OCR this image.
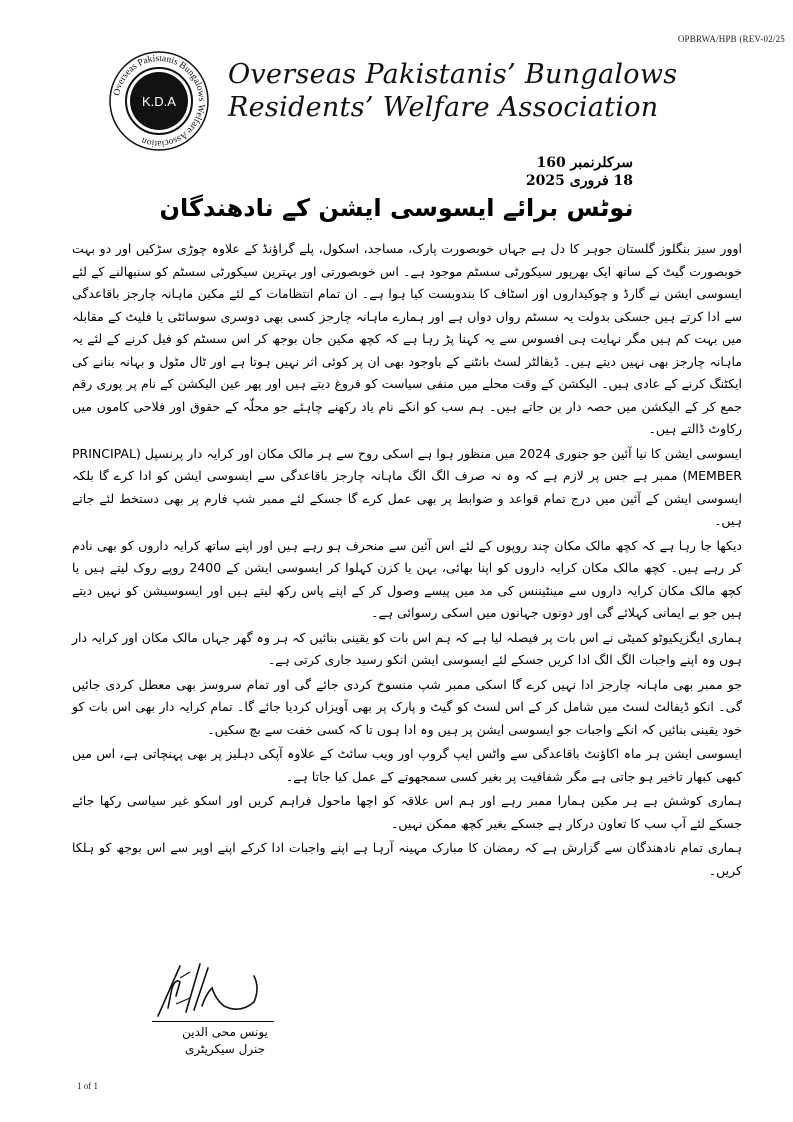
OPBRWA/HPB (REV-02/25
Overseas Pakistanis Bungalows Welfare Association
K.D.A
Overseas Pakistanis’ Bungalows
Residents’ Welfare Association
سرکلرنمبر 160
18 فروری 2025
نوٹس برائے ایسوسی ایشن کے نادھندگان

اوور سیز بنگلوز گلستان جوہر کا دل ہے جہاں خوبصورت پارک، مساجد، اسکول، پلے گراؤنڈ کے علاوہ چوڑی سڑکیں اور دو بہت خوبصورت گیٹ کے ساتھ ایک بھرپور سیکورٹی سسٹم موجود ہے۔ اس خوبصورتی اور بہترین سیکورٹی سسٹم کو سنبھالنے کے لئے ایسوسی ایشن نے گارڈ و چوکیداروں اور اسٹاف کا بندوبست کیا ہوا ہے۔ ان تمام انتظامات کے لئے مکین ماہانہ چارجز باقاعدگی سے ادا کرتے ہیں جسکی بدولت یہ سسٹم رواں دواں ہے اور ہمارے ماہانہ چارجز کسی بھی دوسری سوسائٹی یا فلیٹ کے مقابلہ میں بہت کم ہیں مگر نہایت ہی افسوس سے یہ کہنا پڑ رہا ہے کہ کچھ مکین جان بوجھ کر اس سسٹم کو فیل کرنے کے لئے یہ ماہانہ چارجز بھی نہیں دیتے ہیں۔ ڈیفالٹر لسٹ بانٹنے کے باوجود بھی ان پر کوئی اثر نہیں ہوتا ہے اور ٹال مٹول و بہانہ بنانے کی ایکٹنگ کرنے کے عادی ہیں۔ الیکشن کے وقت محلے میں منفی سیاست کو فروغ دیتے ہیں اور پھر عین الیکشن کے نام پر پوری رقم جمع کر کے الیکشن میں حصہ دار بن جاتے ہیں۔ ہم سب کو انکے نام یاد رکھنے چاہئے جو محلّہ کے حقوق اور فلاحی کاموں میں رکاوٹ ڈالتے ہیں۔

ایسوسی ایشن کا نیا آئین جو جنوری 2024 میں منظور ہوا ہے اسکی روح سے ہر مالک مکان اور کرایہ دار پرنسپل (PRINCIPAL MEMBER) ممبر ہے جس پر لازم ہے کہ وہ نہ صرف الگ الگ ماہانہ چارجز باقاعدگی سے ایسوسی ایشن کو ادا کرے گا بلکہ ایسوسی ایشن کے آئین میں درج تمام قواعد و ضوابط پر بھی عمل کرے گا جسکے لئے ممبر شپ فارم پر بھی دستخط لئے جاتے ہیں۔

دیکھا جا رہا ہے کہ کچھ مالک مکان چند روپوں کے لئے اس آئین سے منحرف ہو رہے ہیں اور اپنے ساتھ کرایہ داروں کو بھی نادم کر رہے ہیں۔ کچھ مالک مکان کرایہ داروں کو اپنا بھائی، بہن یا کزن کہلوا کر ایسوسی ایشن کے 2400 روپے روک لیتے ہیں یا کچھ مالک مکان کرایہ داروں سے مینٹیننس کی مد میں پیسے وصول کر کے اپنے پاس رکھ لیتے ہیں اور ایسوسیشن کو نہیں دیتے ہیں جو بے ایمانی کہلائے گی اور دونوں جہانوں میں اسکی رسوائی ہے۔

ہماری ایگزیکیوٹو کمیٹی نے اس بات پر فیصلہ لیا ہے کہ ہم اس بات کو یقینی بنائیں کہ ہر وہ گھر جہاں مالک مکان اور کرایہ دار ہوں وہ اپنے واجبات الگ الگ ادا کریں جسکے لئے ایسوسی ایشن انکو رسید جاری کرتی ہے۔

جو ممبر بھی ماہانہ چارجز ادا نہیں کرے گا اسکی ممبر شپ منسوخ کردی جائے گی اور تمام سروسز بھی معطل کردی جائیں گی۔ انکو ڈیفالٹ لسٹ میں شامل کر کے اس لسٹ کو گیٹ و پارک پر بھی آویزاں کردیا جائے گا۔ تمام کرایہ دار بھی اس بات کو خود یقینی بنائیں کہ انکے واجبات جو ایسوسی ایشن پر ہیں وہ ادا ہوں تا کہ کسی خفت سے بچ سکیں۔

ایسوسی ایشن ہر ماہ اکاؤنٹ باقاعدگی سے واٹس ایپ گروپ اور ویب سائٹ کے علاوہ آپکی دہلیز پر بھی پہنچاتی ہے، اس میں کبھی کبھار تاخیر ہو جاتی ہے مگر شفافیت پر بغیر کسی سمجھوتے کے عمل کیا جاتا ہے۔

ہماری کوشش ہے ہر مکین ہمارا ممبر رہے اور ہم اس علاقہ کو اچھا ماحول فراہم کریں اور اسکو غیر سیاسی رکھا جائے جسکے لئے آپ سب کا تعاون درکار ہے جسکے بغیر کچھ ممکن نہیں۔

ہماری تمام نادھندگان سے گزارش ہے کہ رمضان کا مبارک مہینہ آرہا ہے اپنے واجبات ادا کرکے اپنے اوپر سے اس بوجھ کو ہلکا کریں۔

یونس محی الدین
جنرل سیکریٹری
1 of 1
